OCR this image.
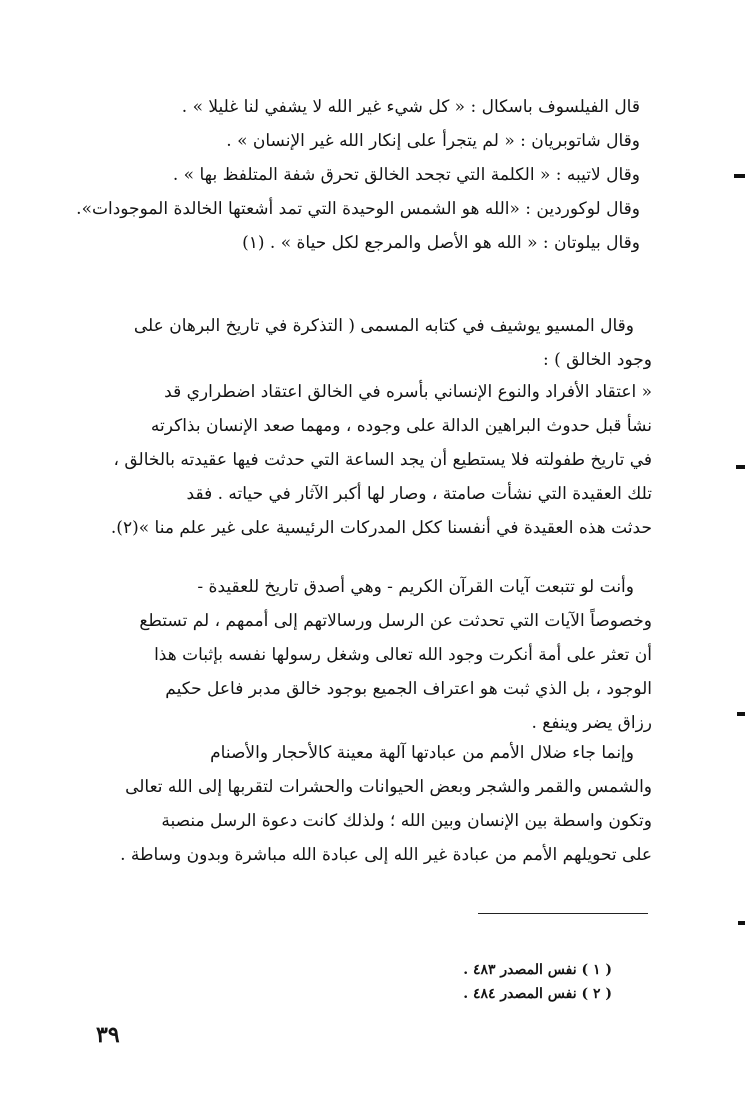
قال الفيلسوف باسكال : « كل شيء غير الله لا يشفي لنا غليلا » .
وقال شاتوبريان : « لم يتجرأ على إنكار الله غير الإنسان » .
وقال لاتيبه : « الكلمة التي تجحد الخالق تحرق شفة المتلفظ بها » .
وقال لوكوردين : «الله هو الشمس الوحيدة التي تمد أشعتها الخالدة الموجودات».
وقال بيلوتان : « الله هو الأصل والمرجع لكل حياة » . (١)
وقال المسيو يوشيف في كتابه المسمى ( التذكرة في تاريخ البرهان على
وجود الخالق ) :
« اعتقاد الأفراد والنوع الإنساني بأسره في الخالق اعتقاد اضطراري قد
نشأ قبل حدوث البراهين الدالة على وجوده ، ومهما صعد الإنسان بذاكرته
في تاريخ طفولته فلا يستطيع أن يجد الساعة التي حدثت فيها عقيدته بالخالق ،
تلك العقيدة التي نشأت صامتة ، وصار لها أكبر الآثار في حياته . فقد
حدثت هذه العقيدة في أنفسنا ككل المدركات الرئيسية على غير علم منا »(٢).
وأنت لو تتبعت آيات القرآن الكريم - وهي أصدق تاريخ للعقيدة -
وخصوصاً الآيات التي تحدثت عن الرسل ورسالاتهم إلى أممهم ، لم تستطع
أن تعثر على أمة أنكرت وجود الله تعالى وشغل رسولها نفسه بإثبات هذا
الوجود ، بل الذي ثبت هو اعتراف الجميع بوجود خالق مدبر فاعل حكيم
رزاق يضر وينفع .
وإنما جاء ضلال الأمم من عبادتها آلهة معينة كالأحجار والأصنام
والشمس والقمر والشجر وبعض الحيوانات والحشرات لتقربها إلى الله تعالى
وتكون واسطة بين الإنسان وبين الله ؛ ولذلك كانت دعوة الرسل منصبة
على تحويلهم الأمم من عبادة غير الله إلى عبادة الله مباشرة وبدون وساطة .
( ١ ) نفس المصدر ٤٨٣ .
( ٢ ) نفس المصدر ٤٨٤ .
٣٩
